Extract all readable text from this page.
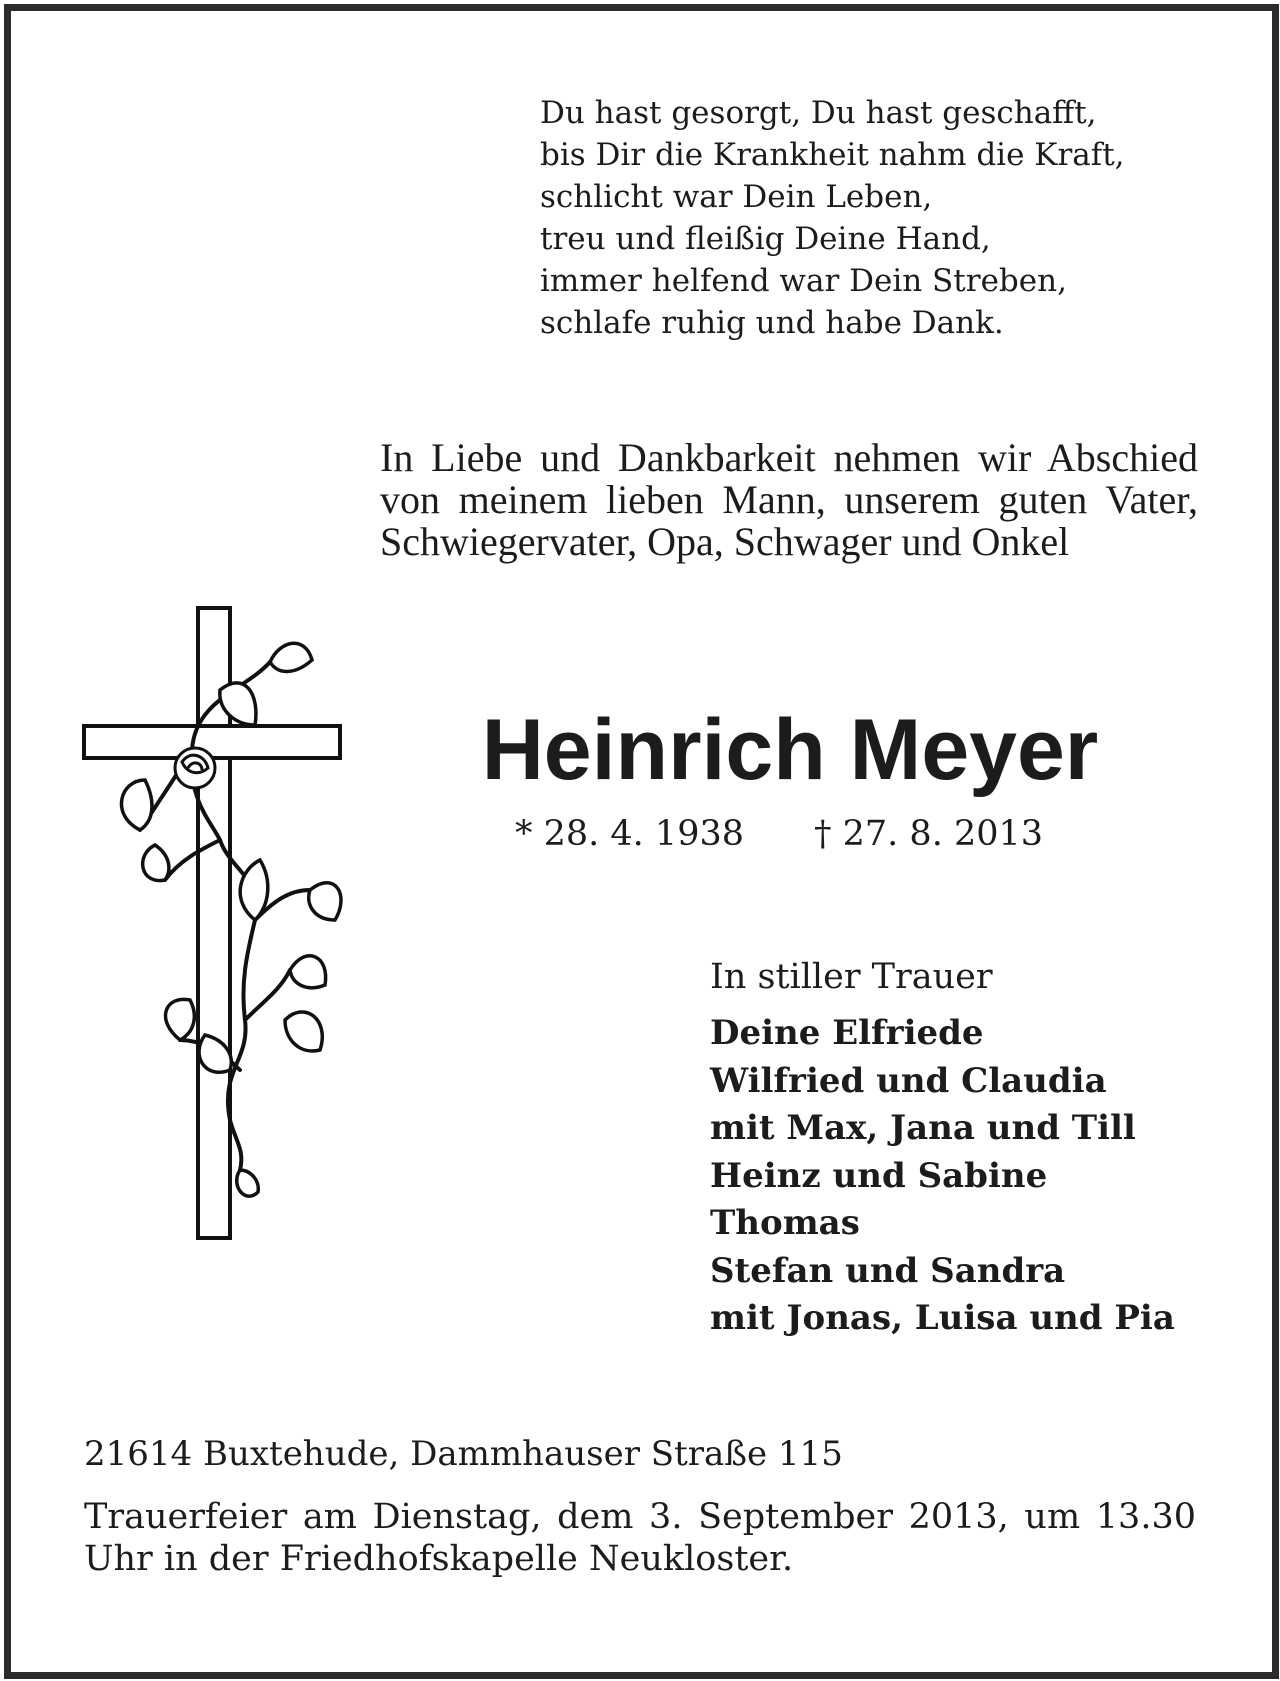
Du hast gesorgt, Du hast geschafft,
bis Dir die Krankheit nahm die Kraft,
schlicht war Dein Leben,
treu und fleißig Deine Hand,
immer helfend war Dein Streben,
schlafe ruhig und habe Dank.

In Liebe und Dankbarkeit nehmen wir Abschied von meinem lieben Mann, unserem guten Vater, Schwiegervater, Opa, Schwager und Onkel

Heinrich Meyer
* 28. 4. 1938 † 27. 8. 2013
In stiller Trauer
Deine Elfriede
Wilfried und Claudia
mit Max, Jana und Till
Heinz und Sabine
Thomas
Stefan und Sandra
mit Jonas, Luisa und Pia
21614 Buxtehude, Dammhauser Straße 115

Trauerfeier am Dienstag, dem 3. September 2013, um 13.30 Uhr in der Friedhofskapelle Neukloster.
